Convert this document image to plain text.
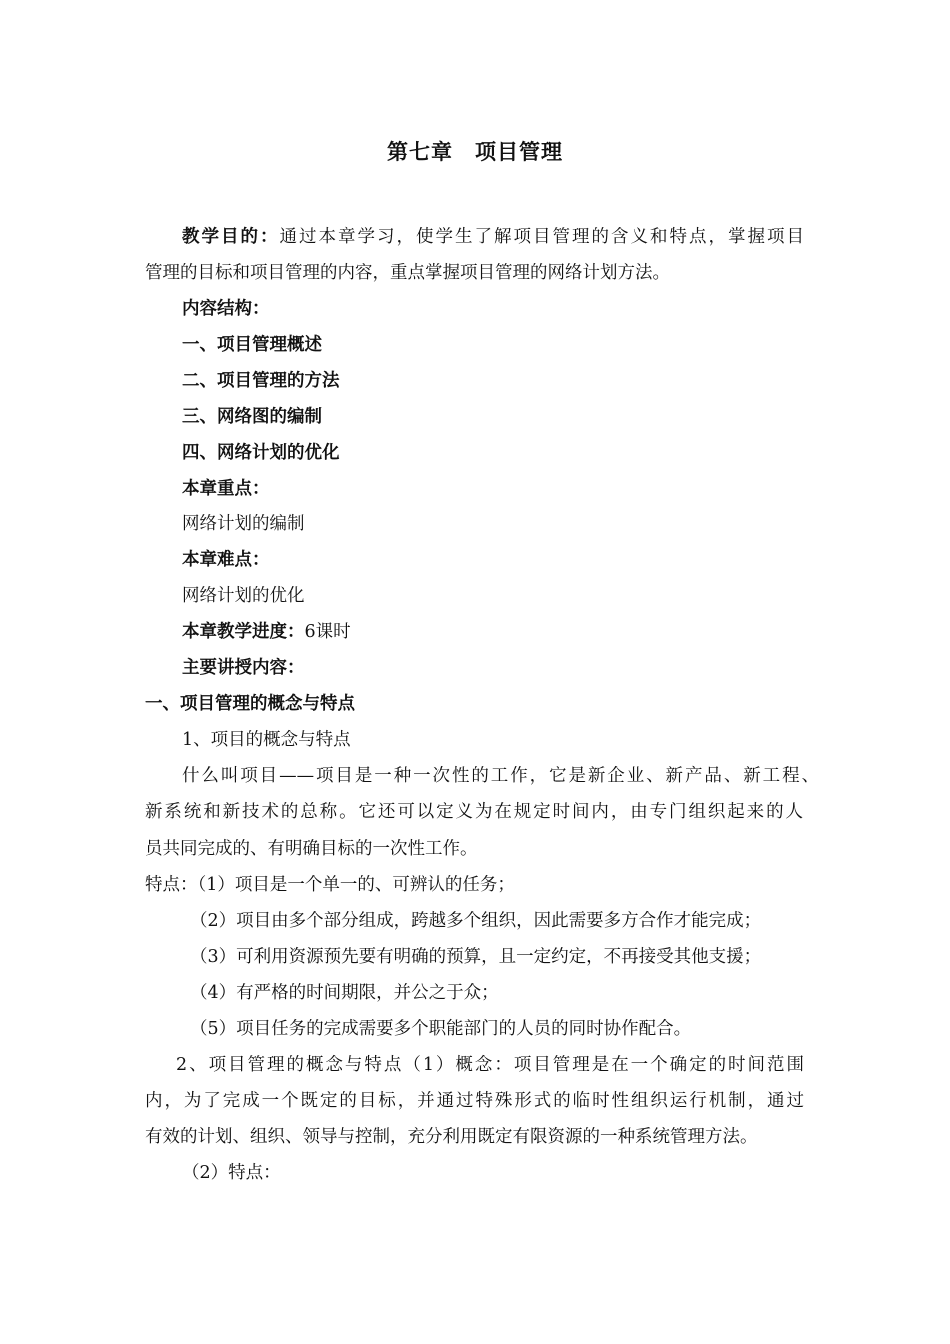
第七章　项目管理
教学目的：通过本章学习，使学生了解项目管理的含义和特点，掌握项目
管理的目标和项目管理的内容，重点掌握项目管理的网络计划方法。
内容结构：
一、项目管理概述
二、项目管理的方法
三、网络图的编制
四、网络计划的优化
本章重点：
网络计划的编制
本章难点：
网络计划的优化
本章教学进度：6课时
主要讲授内容：
一、项目管理的概念与特点
1、项目的概念与特点
什么叫项目——项目是一种一次性的工作，它是新企业、新产品、新工程、
新系统和新技术的总称。它还可以定义为在规定时间内，由专门组织起来的人
员共同完成的、有明确目标的一次性工作。
特点：（1）项目是一个单一的、可辨认的任务；
（2）项目由多个部分组成，跨越多个组织，因此需要多方合作才能完成；
（3）可利用资源预先要有明确的预算，且一定约定，不再接受其他支援；
（4）有严格的时间期限，并公之于众；
（5）项目任务的完成需要多个职能部门的人员的同时协作配合。
2、项目管理的概念与特点（1）概念：项目管理是在一个确定的时间范围
内，为了完成一个既定的目标，并通过特殊形式的临时性组织运行机制，通过
有效的计划、组织、领导与控制，充分利用既定有限资源的一种系统管理方法。
（2）特点：
